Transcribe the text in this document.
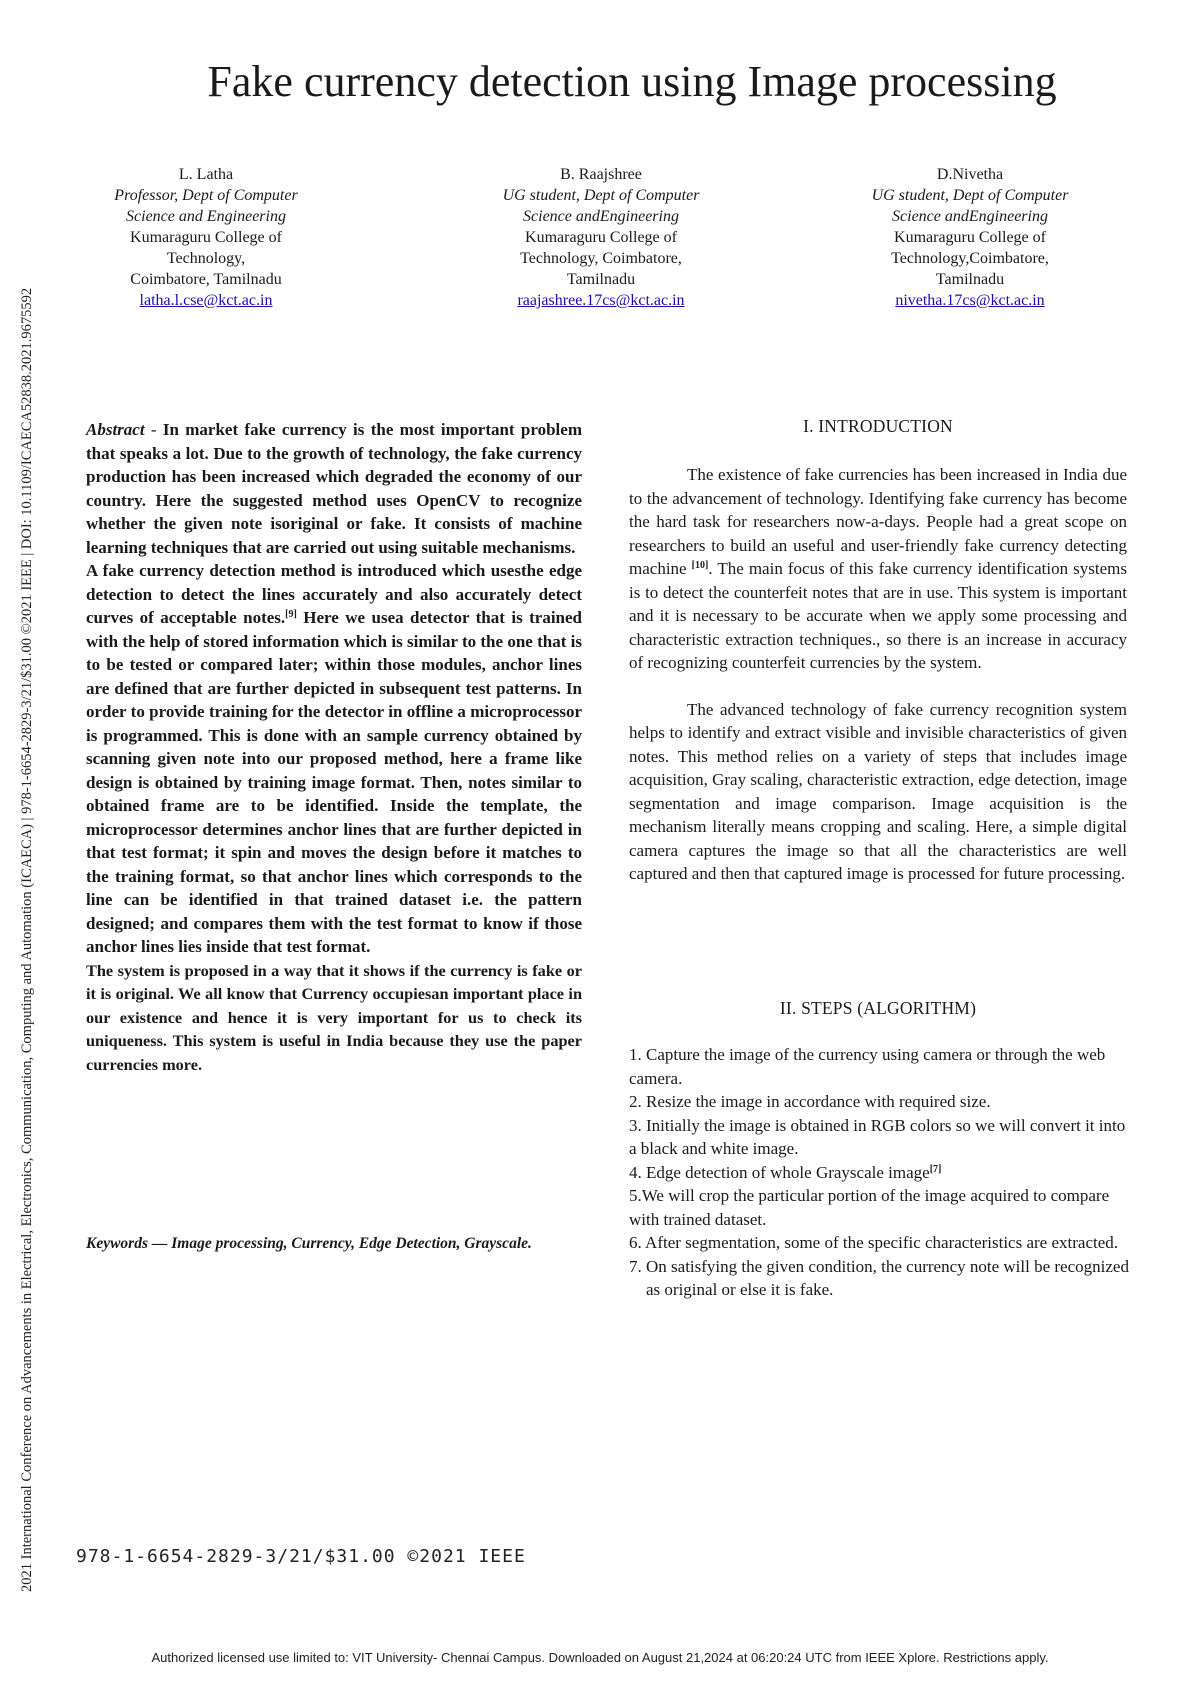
2021 International Conference on Advancements in Electrical, Electronics, Communication, Computing and Automation (ICAECA) | 978-1-6654-2829-3/21/$31.00 ©2021 IEEE | DOI: 10.1109/ICAECA52838.2021.9675592
Fake currency detection using Image processing
L. Latha
Professor, Dept of Computer
Science and Engineering
Kumaraguru College of
Technology,
Coimbatore, Tamilnadu
latha.l.cse@kct.ac.in
B. Raajshree
UG student, Dept of Computer
Science andEngineering
Kumaraguru College of
Technology, Coimbatore,
Tamilnadu
raajashree.17cs@kct.ac.in
D.Nivetha
UG student, Dept of Computer
Science andEngineering
Kumaraguru College of
Technology,Coimbatore,
Tamilnadu
nivetha.17cs@kct.ac.in

Abstract - In market fake currency is the most important problem that speaks a lot. Due to the growth of technology, the fake currency production has been increased which degraded the economy of our country. Here the suggested method uses OpenCV to recognize whether the given note isoriginal or fake. It consists of machine learning techniques that are carried out using suitable mechanisms.

A fake currency detection method is introduced which usesthe edge detection to detect the lines accurately and also accurately detect curves of acceptable notes.[9] Here we usea detector that is trained with the help of stored information which is similar to the one that is to be tested or compared later; within those modules, anchor lines are defined that are further depicted in subsequent test patterns. In order to provide training for the detector in offline a microprocessor is programmed. This is done with an sample currency obtained by scanning given note into our proposed method, here a frame like design is obtained by training image format. Then, notes similar to obtained frame are to be identified. Inside the template, the microprocessor determines anchor lines that are further depicted in that test format; it spin and moves the design before it matches to the training format, so that anchor lines which corresponds to the line can be identified in that trained dataset i.e. the pattern designed; and compares them with the test format to know if those anchor lines lies inside that test format.

The system is proposed in a way that it shows if the currency is fake or it is original. We all know that Currency occupiesan important place in our existence and hence it is very important for us to check its uniqueness. This system is useful in India because they use the paper currencies more.

Keywords — Image processing, Currency, Edge Detection, Grayscale.
I. INTRODUCTION

The existence of fake currencies has been increased in India due to the advancement of technology. Identifying fake currency has become the hard task for researchers now-a-days. People had a great scope on researchers to build an useful and user-friendly fake currency detecting machine [10]. The main focus of this fake currency identification systems is to detect the counterfeit notes that are in use. This system is important and it is necessary to be accurate when we apply some processing and characteristic extraction techniques., so there is an increase in accuracy of recognizing counterfeit currencies by the system.

The advanced technology of fake currency recognition system helps to identify and extract visible and invisible characteristics of given notes. This method relies on a variety of steps that includes image acquisition, Gray scaling, characteristic extraction, edge detection, image segmentation and image comparison. Image acquisition is the mechanism literally means cropping and scaling. Here, a simple digital camera captures the image so that all the characteristics are well captured and then that captured image is processed for future processing.

II. STEPS (ALGORITHM)
1. Capture the image of the currency using camera or through the web camera.
2. Resize the image in accordance with required size.
3. Initially the image is obtained in RGB colors so we will convert it into a black and white image.
4. Edge detection of whole Grayscale image[7]
5.We will crop the particular portion of the image acquired to compare with trained dataset.
6. After segmentation, some of the specific characteristics are extracted.
7. On satisfying the given condition, the currency note will be recognized as original or else it is fake.
978-1-6654-2829-3/21/$31.00 ©2021 IEEE
Authorized licensed use limited to: VIT University- Chennai Campus. Downloaded on August 21,2024 at 06:20:24 UTC from IEEE Xplore. Restrictions apply.
